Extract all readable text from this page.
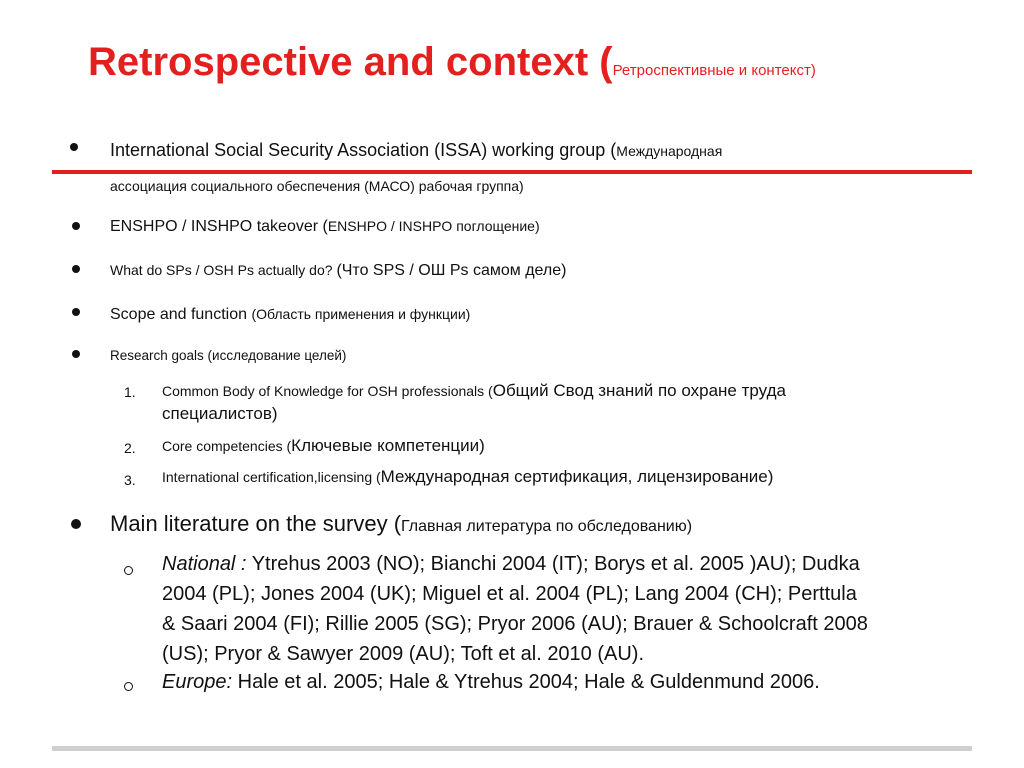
Retrospective and context (Ретроспективные и контекст)
International Social Security Association (ISSA) working group (Международная
ассоциация социального обеспечения (МАСО) рабочая группа)
ENSHPO / INSHPO takeover (ENSHPO / INSHPO поглощение)
What do SPs / OSH Ps actually do? (Что SPS / ОШ Ps самом деле)
Scope and function (Область применения и функции)
Research goals (исследование целей)
1. Common Body of Knowledge for OSH professionals (Общий Свод знаний по охране труда
специалистов)
2. Core competencies (Ключевые компетенции)
3. International certification,licensing (Международная сертификация, лицензирование)
Main literature on the survey (Главная литература по обследованию)
National : Ytrehus 2003 (NO); Bianchi 2004 (IT); Borys et al. 2005 )AU); Dudka
2004 (PL); Jones 2004 (UK); Miguel et al. 2004 (PL); Lang 2004 (CH); Perttula
& Saari 2004 (FI); Rillie 2005 (SG); Pryor 2006 (AU); Brauer & Schoolcraft 2008
(US); Pryor & Sawyer 2009 (AU); Toft et al. 2010 (AU).
Europe: Hale et al. 2005; Hale & Ytrehus 2004; Hale & Guldenmund 2006.
